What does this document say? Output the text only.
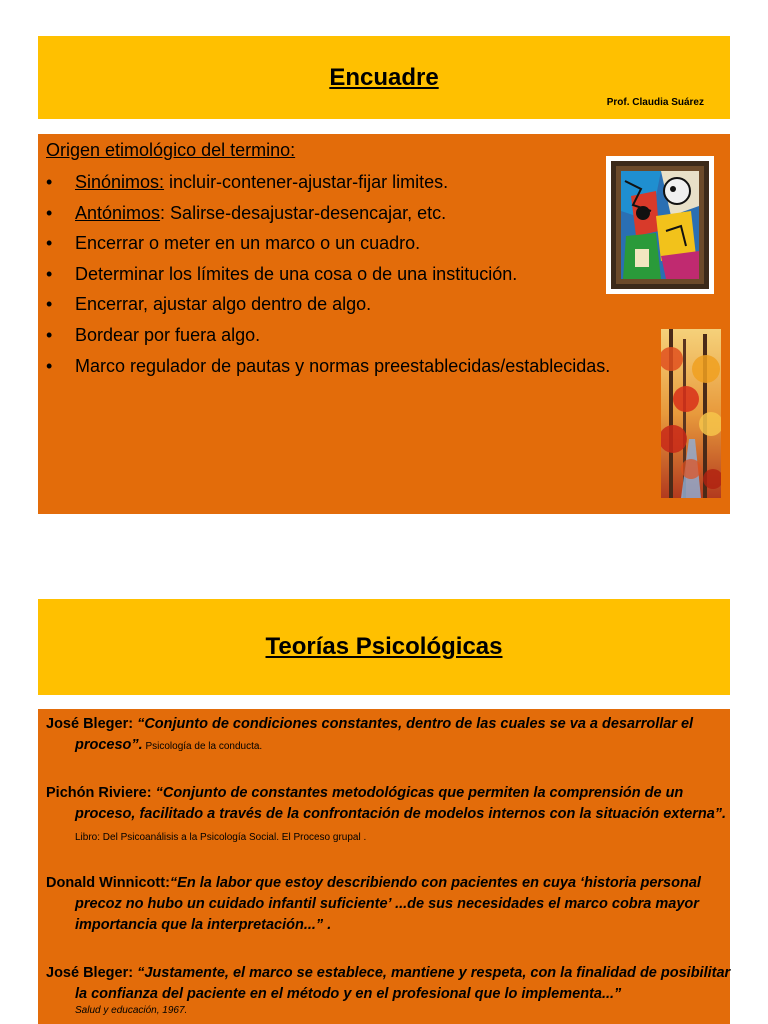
Encuadre
Prof. Claudia Suárez
Origen etimológico del termino:
• Sinónimos: incluir-contener-ajustar-fijar limites.
• Antónimos: Salirse-desajustar-desencajar, etc.
• Encerrar o meter en un marco o un cuadro.
• Determinar los límites de una cosa o de una institución.
• Encerrar, ajustar algo dentro de algo.
• Bordear por fuera algo.
• Marco regulador de pautas y normas preestablecidas/establecidas.
Teorías Psicológicas
José Bleger: “Conjunto de condiciones constantes, dentro de las cuales se va a desarrollar el proceso”. Psicología de la conducta.
Pichón Riviere: “Conjunto de constantes metodológicas que permiten la comprensión de un proceso, facilitado a través de la confrontación de modelos internos con la situación externa”. Libro: Del Psicoanálisis a la Psicología Social. El Proceso grupal .
Donald Winnicott:“En la labor que estoy describiendo con pacientes en cuya ‘historia personal precoz no hubo un cuidado infantil suficiente’ ...de sus necesidades el marco cobra mayor importancia que la interpretación...” .
José Bleger: “Justamente, el marco se establece, mantiene y respeta, con la finalidad de posibilitar la confianza del paciente en el método y en el profesional que lo implementa...”
Salud y educación, 1967.
